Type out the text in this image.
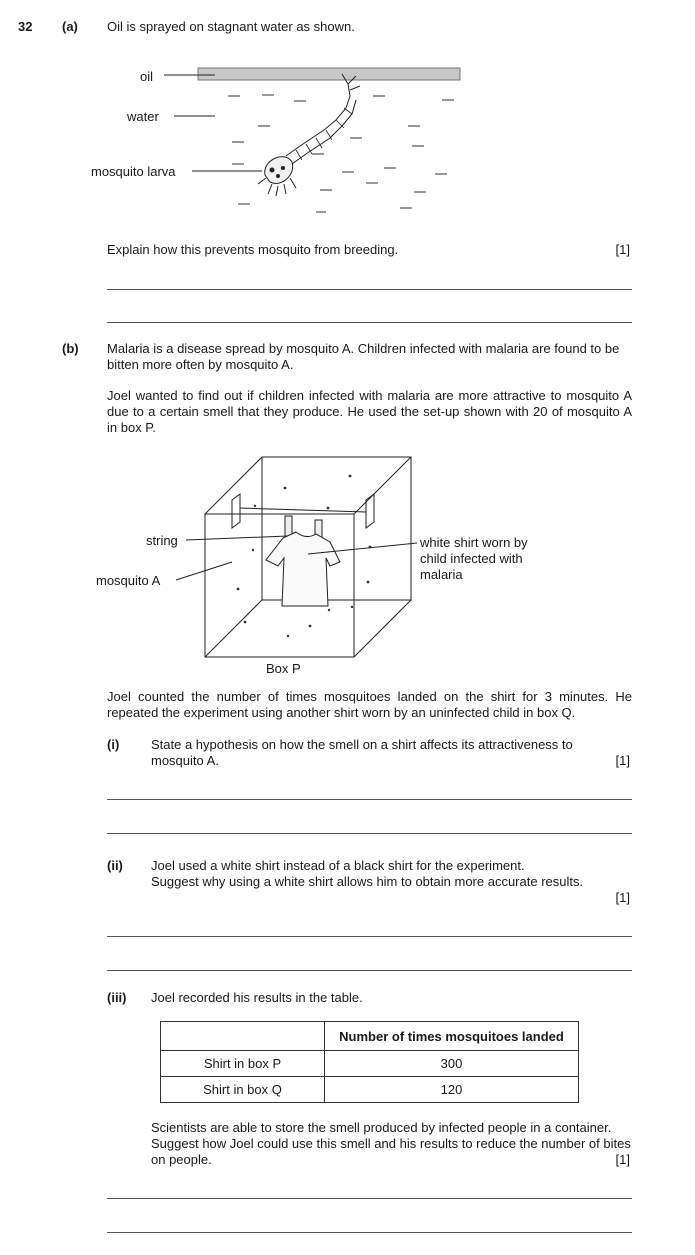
32 (a) Oil is sprayed on stagnant water as shown.
oil
water
mosquito larva
Explain how this prevents mosquito from breeding.	[1]
(b) Malaria is a disease spread by mosquito A. Children infected with malaria are found to be bitten more often by mosquito A.
Joel wanted to find out if children infected with malaria are more attractive to mosquito A due to a certain smell that they produce. He used the set-up shown with 20 of mosquito A in box P.
string
mosquito A
white shirt worn by
child infected with
malaria
Box P
Joel counted the number of times mosquitoes landed on the shirt for 3 minutes. He repeated the experiment using another shirt worn by an uninfected child in box Q.
(i) State a hypothesis on how the smell on a shirt affects its attractiveness to mosquito A.	[1]
(ii) Joel used a white shirt instead of a black shirt for the experiment.
Suggest why using a white shirt allows him to obtain more accurate results.
[1]
(iii) Joel recorded his results in the table.
	Number of times mosquitoes landed
Shirt in box P	300
Shirt in box Q	120
Scientists are able to store the smell produced by infected people in a container. Suggest how Joel could use this smell and his results to reduce the number of bites on people.	[1]
